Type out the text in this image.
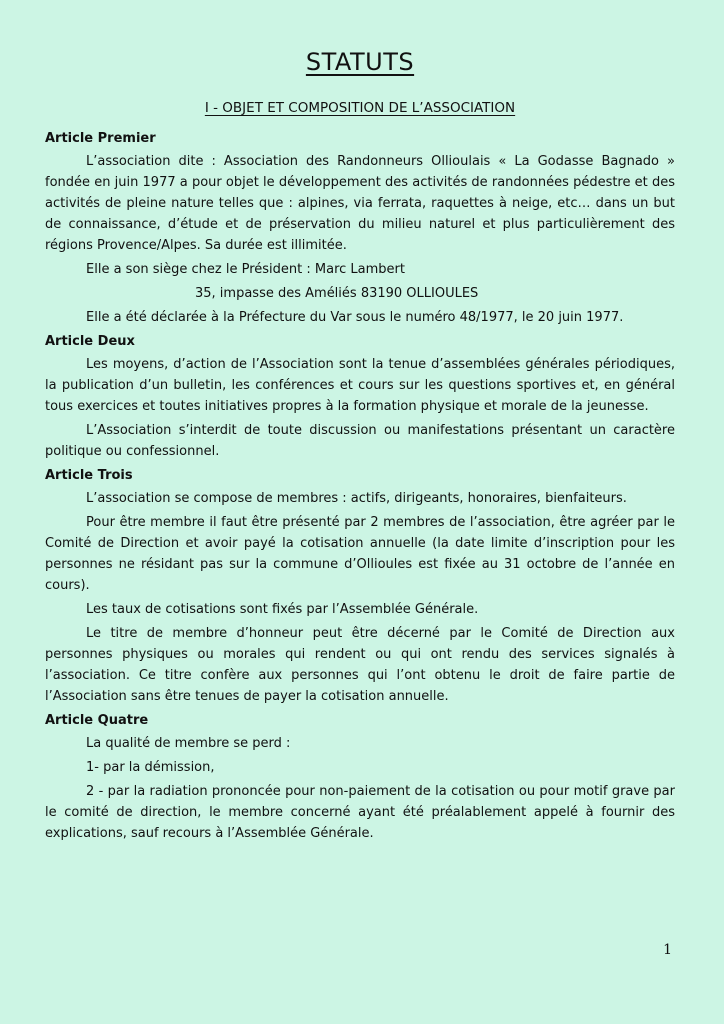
STATUTS
I - OBJET ET COMPOSITION DE L’ASSOCIATION
Article Premier

L’association dite : Association des Randonneurs Ollioulais « La Godasse Bagnado » fondée en juin 1977 a pour objet le développement des activités de randonnées pédestre et des activités de pleine nature telles que : alpines, via ferrata, raquettes à neige, etc… dans un but de connaissance, d’étude et de préservation du milieu naturel et plus particulièrement des régions Provence/Alpes. Sa durée est illimitée.

Elle a son siège chez le Président : Marc Lambert

35, impasse des Améliés 83190 OLLIOULES

Elle a été déclarée à la Préfecture du Var sous le numéro 48/1977, le 20 juin 1977.

Article Deux

Les moyens, d’action de l’Association sont la tenue d’assemblées générales périodiques, la publication d’un bulletin, les conférences et cours sur les questions sportives et, en général tous exercices et toutes initiatives propres à la formation physique et morale de la jeunesse.

L’Association s’interdit de toute discussion ou manifestations présentant un caractère politique ou confessionnel.

Article Trois

L’association se compose de membres : actifs, dirigeants, honoraires, bienfaiteurs.

Pour être membre il faut être présenté par 2 membres de l’association, être agréer par le Comité de Direction et avoir payé la cotisation annuelle (la date limite d’inscription pour les personnes ne résidant pas sur la commune d’Ollioules est fixée au 31 octobre de l’année en cours).

Les taux de cotisations sont fixés par l’Assemblée Générale.

Le titre de membre d’honneur peut être décerné par le Comité de Direction aux personnes physiques ou morales qui rendent ou qui ont rendu des services signalés à l’association. Ce titre confère aux personnes qui l’ont obtenu le droit de faire partie de l’Association sans être tenues de payer la cotisation annuelle.

Article Quatre

La qualité de membre se perd :

1- par la démission,

2 - par la radiation prononcée pour non-paiement de la cotisation ou pour motif grave par le comité de direction, le membre concerné ayant été préalablement appelé à fournir des explications, sauf recours à l’Assemblée Générale.

1
